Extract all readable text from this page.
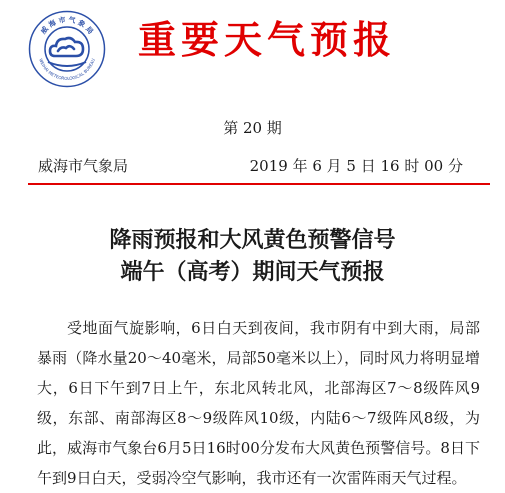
威 海 市 气 象 局
WEIHAI METEOROLOGICAL BUREAU 重要天气预报
第 20 期
威海市气象局	2019 年 6 月 5 日 16 时 00 分
降雨预报和大风黄色预警信号
端午（高考）期间天气预报

受地面气旋影响，6日白天到夜间，我市阴有中到大雨，局部暴雨（降水量20～40毫米，局部50毫米以上），同时风力将明显增大，6日下午到7日上午，东北风转北风，北部海区7～8级阵风9级，东部、南部海区8～9级阵风10级，内陆6～7级阵风8级，为此，威海市气象台6月5日16时00分发布大风黄色预警信号。8日下午到9日白天，受弱冷空气影响，我市还有一次雷阵雨天气过程。
